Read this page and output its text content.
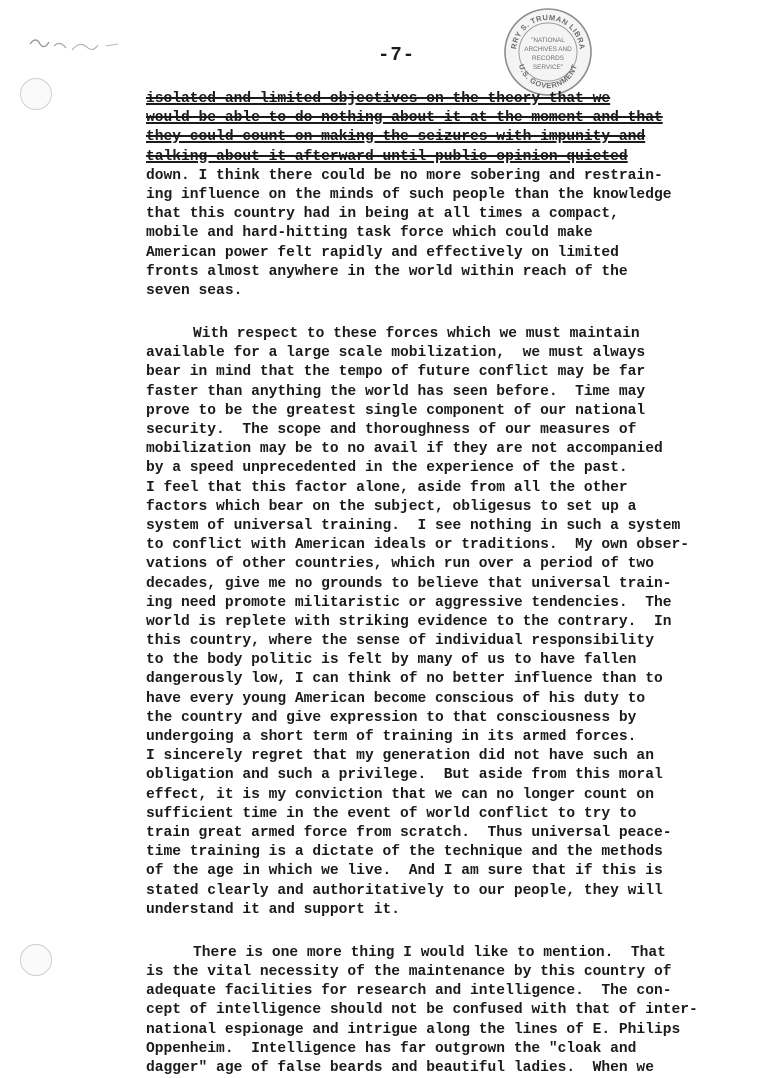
-7-	RRY S. TRUMAN LIBRA
U.S. GOVERNMENT
"NATIONAL
ARCHIVES AND
RECORDS
SERVICE"
isolated and limited objectives on the theory that we
would be able to do nothing about it at the moment and that
they could count on making the seizures with impunity and
talking about it afterward until public opinion quieted
down. I think there could be no more sobering and restrain-
ing influence on the minds of such people than the knowledge
that this country had in being at all times a compact,
mobile and hard-hitting task force which could make
American power felt rapidly and effectively on limited
fronts almost anywhere in the world within reach of the
seven seas.
With respect to these forces which we must maintain
available for a large scale mobilization,  we must always
bear in mind that the tempo of future conflict may be far
faster than anything the world has seen before.  Time may
prove to be the greatest single component of our national
security.  The scope and thoroughness of our measures of
mobilization may be to no avail if they are not accompanied
by a speed unprecedented in the experience of the past.
I feel that this factor alone, aside from all the other
factors which bear on the subject, obligesus to set up a
system of universal training.  I see nothing in such a system
to conflict with American ideals or traditions.  My own obser-
vations of other countries, which run over a period of two
decades, give me no grounds to believe that universal train-
ing need promote militaristic or aggressive tendencies.  The
world is replete with striking evidence to the contrary.  In
this country, where the sense of individual responsibility
to the body politic is felt by many of us to have fallen
dangerously low, I can think of no better influence than to
have every young American become conscious of his duty to
the country and give expression to that consciousness by
undergoing a short term of training in its armed forces.
I sincerely regret that my generation did not have such an
obligation and such a privilege.  But aside from this moral
effect, it is my conviction that we can no longer count on
sufficient time in the event of world conflict to try to
train great armed force from scratch.  Thus universal peace-
time training is a dictate of the technique and the methods
of the age in which we live.  And I am sure that if this is
stated clearly and authoritatively to our people, they will
understand it and support it.
There is one more thing I would like to mention.  That
is the vital necessity of the maintenance by this country of
adequate facilities for research and intelligence.  The con-
cept of intelligence should not be confused with that of inter-
national espionage and intrigue along the lines of E. Philips
Oppenheim.  Intelligence has far outgrown the "cloak and
dagger" age of false beards and beautiful ladies.  When we
